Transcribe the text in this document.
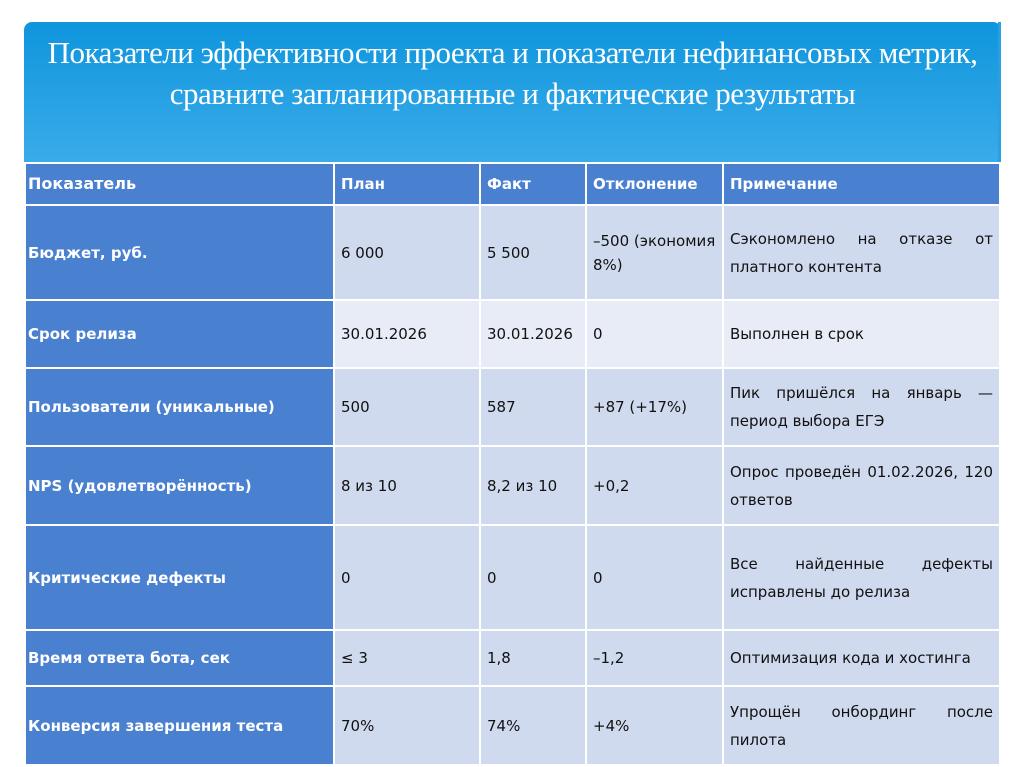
Показатели эффективности проекта и показатели нефинансовых метрик, сравните запланированные и фактические результаты
Показатель	План	Факт	Отклонение	Примечание
Бюджет, руб.	6 000	5 500	–500 (экономия 8%)	Сэкономлено на отказе от платного контента
Срок релиза	30.01.2026	30.01.2026	0	Выполнен в срок
Пользователи (уникальные)	500	587	+87 (+17%)	Пик пришёлся на январь — период выбора ЕГЭ
NPS (удовлетворённость)	8 из 10	8,2 из 10	+0,2	Опрос проведён 01.02.2026, 120 ответов
Критические дефекты	0	0	0	Все найденные дефекты исправлены до релиза
Время ответа бота, сек	≤ 3	1,8	–1,2	Оптимизация кода и хостинга
Конверсия завершения теста	70%	74%	+4%	Упрощён онбординг после пилота
